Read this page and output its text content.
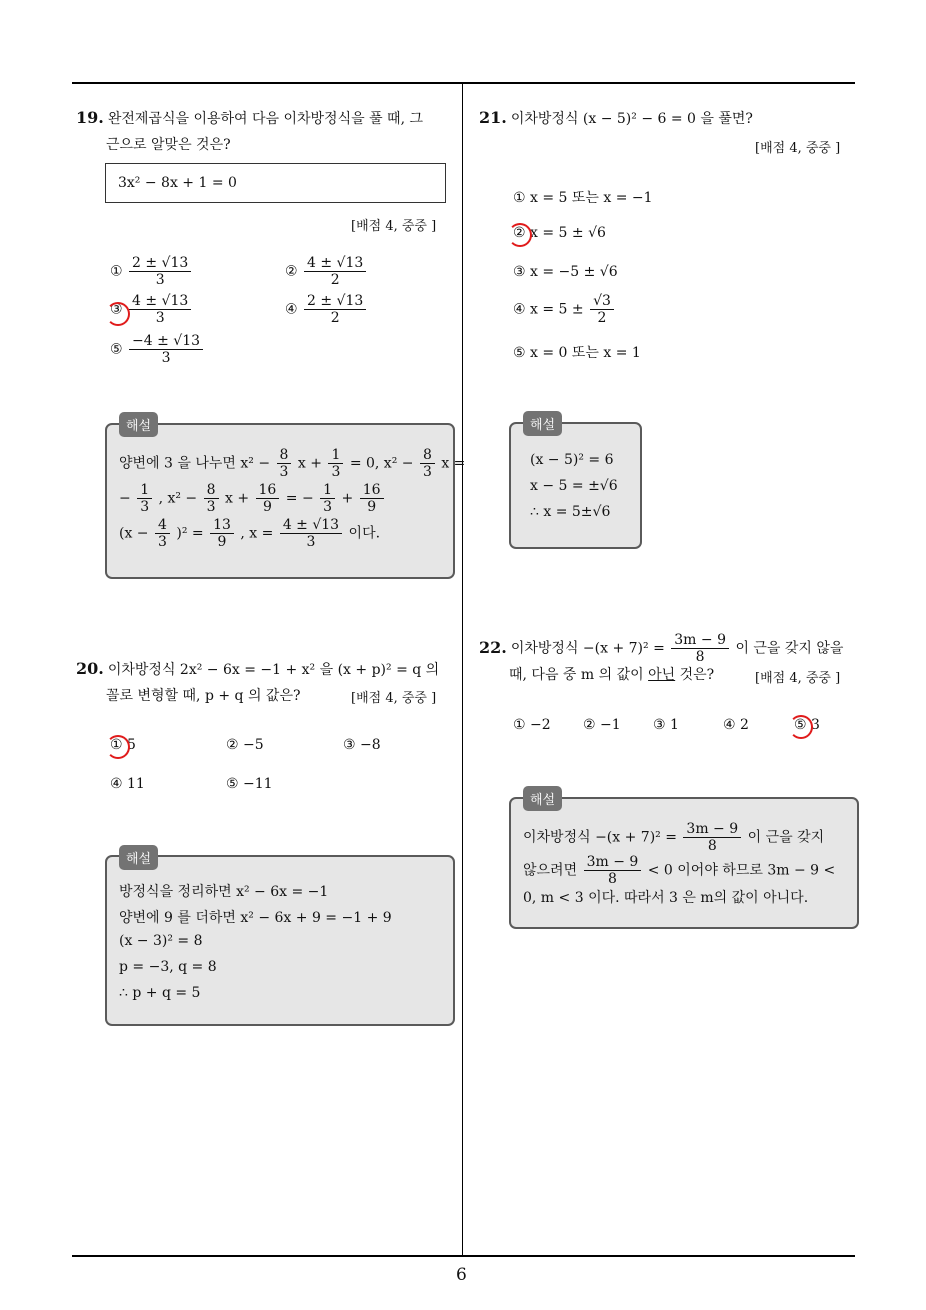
19. 완전제곱식을 이용하여 다음 이차방정식을 풀 때, 그
근으로 알맞은 것은?
3x² − 8x + 1 = 0
[배점 4, 중중 ]
① $\frac{2 \pm √13}{3}$	② $\frac{4 \pm √13}{2}$
③ $\frac{4 \pm √13}{3}$	④ $\frac{2 \pm √13}{2}$
⑤ $\frac{-4 \pm √13}{3}$
양변에 3 을 나누면 $x^2 - \frac{8}{3}$ $x + \frac{1}{3} = 0$, $x^2 - \frac{8}{3}$ x =
− $\frac{1}{3}$ , $x^2 - \frac{8}{3}$ $x + \frac{16}{9}$ = − $\frac{1}{3} + \frac{16}{9}$
$(x - \frac{4}{3} )^2 = \frac{13}{9}$ , $x = \frac{4 \pm √13}{3}$ 이다.
해설
20. 이차방정식 2x² − 6x = −1 + x² 을 (x + p)² = q 의
꼴로 변형할 때, p + q 의 값은?	[배점 4, 중중 ]
① 5	② −5	③ −8
④ 11	⑤ −11
방정식을 정리하면 x² − 6x = −1
양변에 9 를 더하면 x² − 6x + 9 = −1 + 9
(x − 3)² = 8
p = −3, q = 8
∴ p + q = 5
해설
21. 이차방정식 (x − 5)² − 6 = 0 을 풀면?
[배점 4, 중중 ]
① x = 5 또는 x = −1
② x = 5 ± √6
③ x = −5 ± √6
④ $x = 5 \pm \frac{√3}{2}$
⑤ x = 0 또는 x = 1
(x − 5)² = 6
x − 5 = ±√6
∴ x = 5±√6
해설
22. 이차방정식 $-(x + 7)^2 = \frac{3m - 9}{8}$ 이 근을 갖지 않을
때, 다음 중 m 의 값이 아닌 것은?	[배점 4, 중중 ]
① −2 ② −1 ③ 1	④ 2	⑤ 3
이차방정식 $-(x + 7)^2 = \frac{3m - 9}{8}$ 이 근을 갖지
않으려면 $\frac{3m - 9}{8} < 0$ 이어야 하므로 3m − 9 <
0, m < 3 이다. 따라서 3 은 m의 값이 아니다.
해설
6
